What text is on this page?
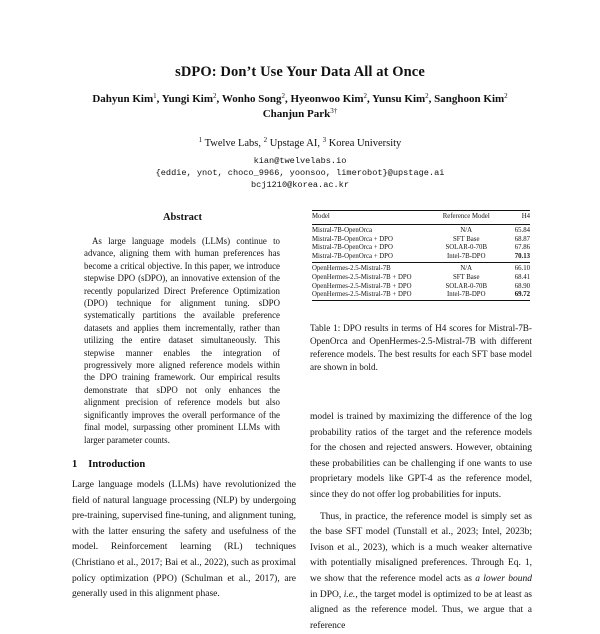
sDPO: Don’t Use Your Data All at Once
Dahyun Kim$^1$, Yungi Kim$^2$, Wonho Song$^2$, Hyeonwoo Kim$^2$, Yunsu Kim$^2$, Sanghoon Kim$^2$
Chanjun Park$^{3\dagger}$
$^1$ Twelve Labs, $^2$ Upstage AI, $^3$ Korea University
kian@twelvelabs.io
{eddie, ynot, choco_9966, yoonsoo, limerobot}@upstage.ai
bcj1210@korea.ac.kr
Abstract

As large language models (LLMs) continue to advance, aligning them with human preferences has become a critical objective. In this paper, we introduce stepwise DPO (sDPO), an innovative extension of the recently popularized Direct Preference Optimization (DPO) technique for alignment tuning. sDPO systematically partitions the available preference datasets and applies them incrementally, rather than utilizing the entire dataset simultaneously. This stepwise manner enables the integration of progressively more aligned reference models within the DPO training framework. Our empirical results demonstrate that sDPO not only enhances the alignment precision of reference models but also significantly improves the overall performance of the final model, surpassing other prominent LLMs with larger parameter counts.

1 Introduction

Large language models (LLMs) have revolutionized the field of natural language processing (NLP) by undergoing pre-training, supervised fine-tuning, and alignment tuning, with the latter ensuring the safety and usefulness of the model. Reinforcement learning (RL) techniques (Christiano et al., 2017; Bai et al., 2022), such as proximal policy optimization (PPO) (Schulman et al., 2017), are generally used in this alignment phase.

Model	Reference Model	H4
Mistral-7B-OpenOrca	N/A	65.84
Mistral-7B-OpenOrca + DPO	SFT Base	68.87
Mistral-7B-OpenOrca + DPO	SOLAR-0-70B	67.86
Mistral-7B-OpenOrca + DPO	Intel-7B-DPO	70.13
OpenHermes-2.5-Mistral-7B	N/A	66.10
OpenHermes-2.5-Mistral-7B + DPO	SFT Base	68.41
OpenHermes-2.5-Mistral-7B + DPO	SOLAR-0-70B	68.90
OpenHermes-2.5-Mistral-7B + DPO	Intel-7B-DPO	69.72

Table 1: DPO results in terms of H4 scores for Mistral-7B-OpenOrca and OpenHermes-2.5-Mistral-7B with different reference models. The best results for each SFT base model are shown in bold.

model is trained by maximizing the difference of the log probability ratios of the target and the reference models for the chosen and rejected answers. However, obtaining these probabilities can be challenging if one wants to use proprietary models like GPT-4 as the reference model, since they do not offer log probabilities for inputs.

Thus, in practice, the reference model is simply set as the base SFT model (Tunstall et al., 2023; Intel, 2023b; Ivison et al., 2023), which is a much weaker alternative with potentially misaligned preferences. Through Eq. 1, we show that the reference model acts as a lower bound in DPO, i.e., the target model is optimized to be at least as aligned as the reference model. Thus, we argue that a reference
